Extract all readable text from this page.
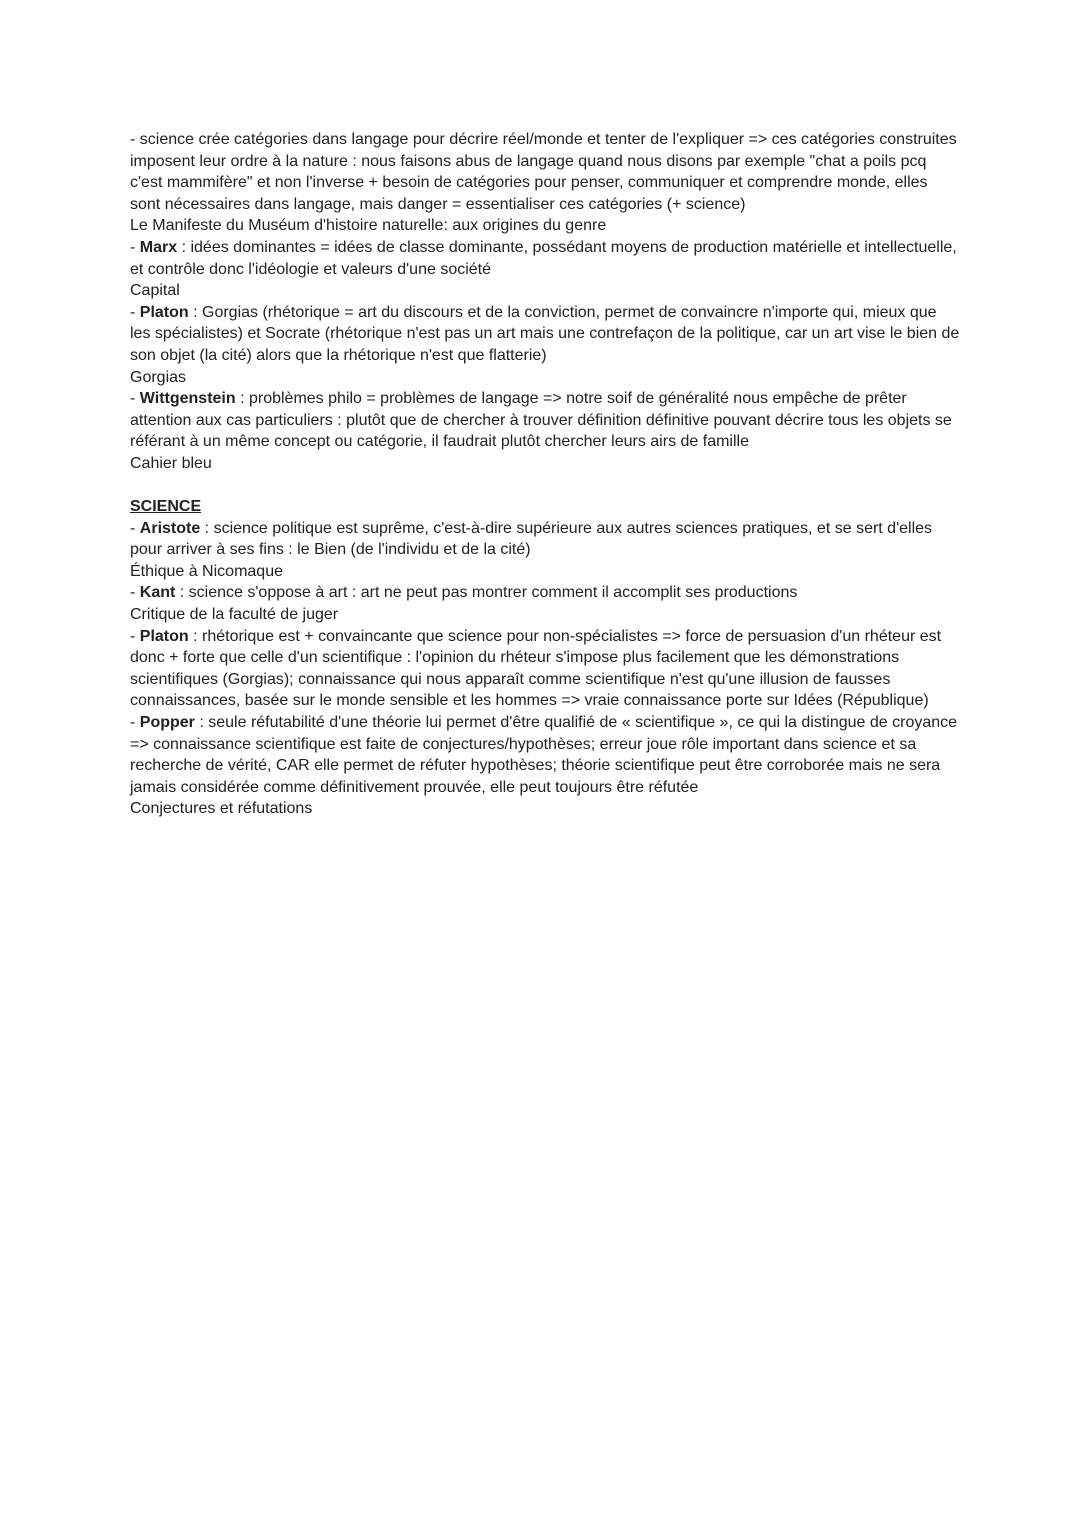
- science crée catégories dans langage pour décrire réel/monde et tenter de l'expliquer => ces catégories construites imposent leur ordre à la nature : nous faisons abus de langage quand nous disons par exemple "chat a poils pcq c'est mammifère" et non l'inverse + besoin de catégories pour penser, communiquer et comprendre monde, elles sont nécessaires dans langage, mais danger = essentialiser ces catégories (+ science)

Le Manifeste du Muséum d'histoire naturelle: aux origines du genre

- Marx : idées dominantes = idées de classe dominante, possédant moyens de production matérielle et intellectuelle, et contrôle donc l'idéologie et valeurs d'une société

Capital

- Platon : Gorgias (rhétorique = art du discours et de la conviction, permet de convaincre n'importe qui, mieux que les spécialistes) et Socrate (rhétorique n'est pas un art mais une contrefaçon de la politique, car un art vise le bien de son objet (la cité) alors que la rhétorique n'est que flatterie)

Gorgias

- Wittgenstein : problèmes philo = problèmes de langage => notre soif de généralité nous empêche de prêter attention aux cas particuliers : plutôt que de chercher à trouver définition définitive pouvant décrire tous les objets se référant à un même concept ou catégorie, il faudrait plutôt chercher leurs airs de famille

Cahier bleu

SCIENCE

- Aristote : science politique est suprême, c'est-à-dire supérieure aux autres sciences pratiques, et se sert d'elles pour arriver à ses fins : le Bien (de l'individu et de la cité)

Éthique à Nicomaque

- Kant : science s'oppose à art : art ne peut pas montrer comment il accomplit ses productions

Critique de la faculté de juger

- Platon : rhétorique est + convaincante que science pour non-spécialistes => force de persuasion d'un rhéteur est donc + forte que celle d'un scientifique : l'opinion du rhéteur s'impose plus facilement que les démonstrations scientifiques (Gorgias); connaissance qui nous apparaît comme scientifique n'est qu'une illusion de fausses connaissances, basée sur le monde sensible et les hommes => vraie connaissance porte sur Idées (République)

- Popper : seule réfutabilité d'une théorie lui permet d'être qualifié de « scientifique », ce qui la distingue de croyance => connaissance scientifique est faite de conjectures/hypothèses; erreur joue rôle important dans science et sa recherche de vérité, CAR elle permet de réfuter hypothèses; théorie scientifique peut être corroborée mais ne sera jamais considérée comme définitivement prouvée, elle peut toujours être réfutée

Conjectures et réfutations
